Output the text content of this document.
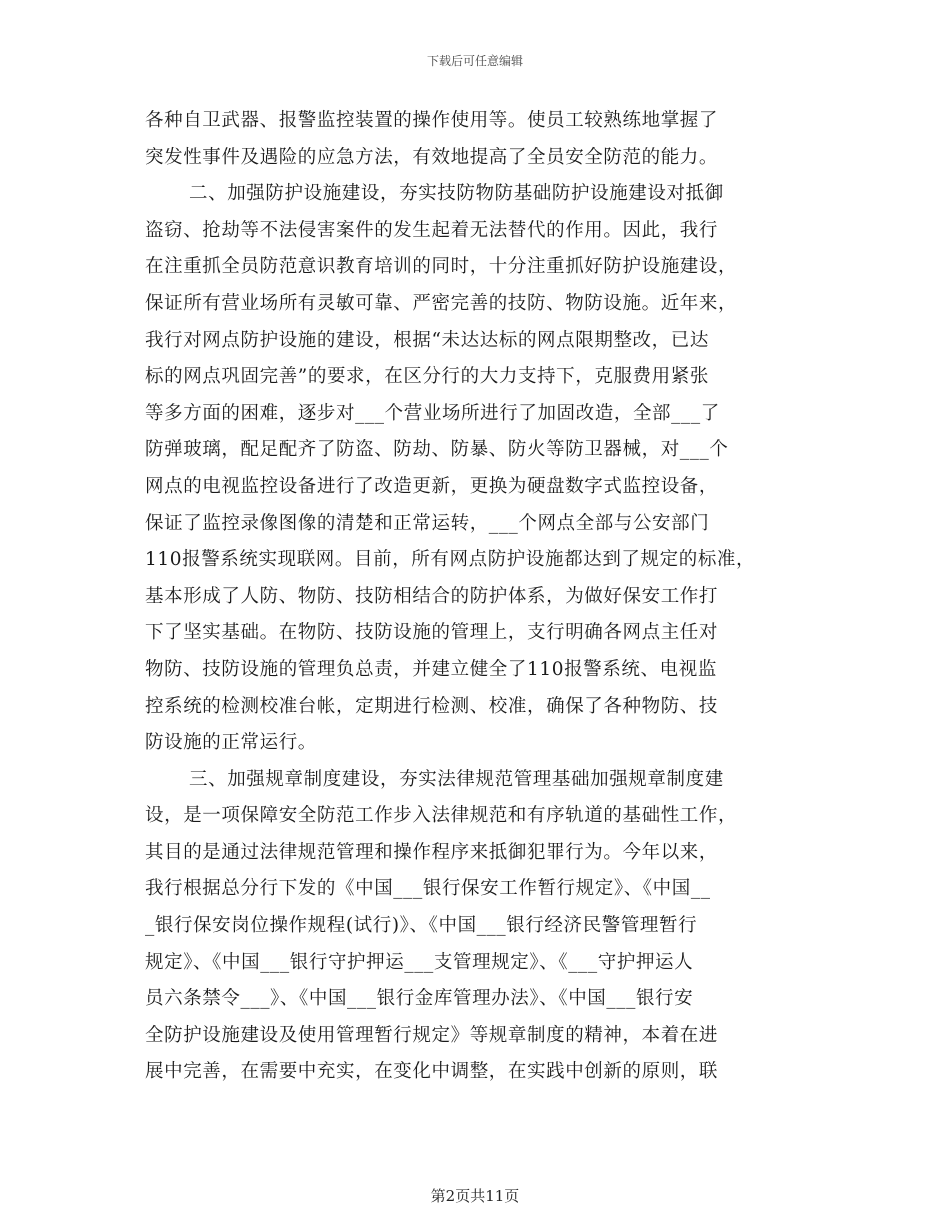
下载后可任意编辑
各种自卫武器、报警监控装置的操作使用等。使员工较熟练地掌握了
突发性事件及遇险的应急方法，有效地提高了全员安全防范的能力。
二、加强防护设施建设，夯实技防物防基础防护设施建设对抵御
盗窃、抢劫等不法侵害案件的发生起着无法替代的作用。因此，我行
在注重抓全员防范意识教育培训的同时，十分注重抓好防护设施建设，
保证所有营业场所有灵敏可靠、严密完善的技防、物防设施。近年来，
我行对网点防护设施的建设，根据“未达达标的网点限期整改，已达
标的网点巩固完善”的要求，在区分行的大力支持下，克服费用紧张
等多方面的困难，逐步对___个营业场所进行了加固改造，全部___了
防弹玻璃，配足配齐了防盗、防劫、防暴、防火等防卫器械，对___个
网点的电视监控设备进行了改造更新，更换为硬盘数字式监控设备，
保证了监控录像图像的清楚和正常运转，___个网点全部与公安部门
110报警系统实现联网。目前，所有网点防护设施都达到了规定的标准，
基本形成了人防、物防、技防相结合的防护体系，为做好保安工作打
下了坚实基础。在物防、技防设施的管理上，支行明确各网点主任对
物防、技防设施的管理负总责，并建立健全了110报警系统、电视监
控系统的检测校准台帐，定期进行检测、校准，确保了各种物防、技
防设施的正常运行。
三、加强规章制度建设，夯实法律规范管理基础加强规章制度建
设，是一项保障安全防范工作步入法律规范和有序轨道的基础性工作，
其目的是通过法律规范管理和操作程序来抵御犯罪行为。今年以来，
我行根据总分行下发的《中国___银行保安工作暂行规定》、《中国__
_银行保安岗位操作规程(试行)》、《中国___银行经济民警管理暂行
规定》、《中国___银行守护押运___支管理规定》、《___守护押运人
员六条禁令___》、《中国___银行金库管理办法》、《中国___银行安
全防护设施建设及使用管理暂行规定》等规章制度的精神，本着在进
展中完善，在需要中充实，在变化中调整，在实践中创新的原则，联
第2页共11页
